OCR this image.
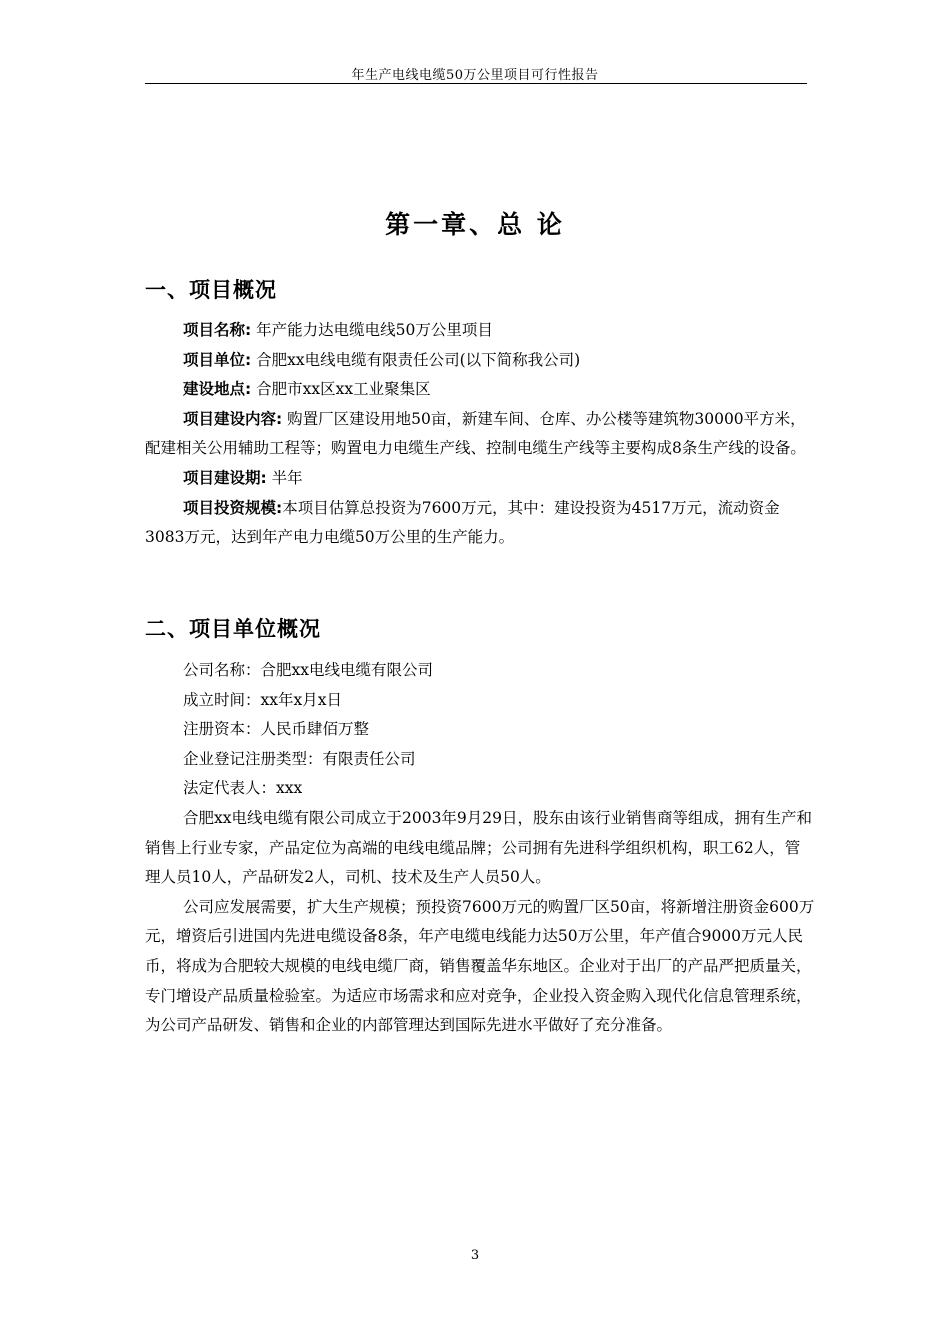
年生产电线电缆50万公里项目可行性报告
第一章、总 论
一、项目概况

项目名称: 年产能力达电缆电线50万公里项目

项目单位: 合肥xx电线电缆有限责任公司(以下简称我公司)

建设地点: 合肥市xx区xx工业聚集区

项目建设内容: 购置厂区建设用地50亩，新建车间、仓库、办公楼等建筑物30000平方米，配建相关公用辅助工程等；购置电力电缆生产线、控制电缆生产线等主要构成8条生产线的设备。

项目建设期: 半年

项目投资规模:本项目估算总投资为7600万元，其中：建设投资为4517万元，流动资金3083万元，达到年产电力电缆50万公里的生产能力。

二、项目单位概况

公司名称：合肥xx电线电缆有限公司

成立时间：xx年x月x日

注册资本：人民币肆佰万整

企业登记注册类型：有限责任公司

法定代表人：xxx

合肥xx电线电缆有限公司成立于2003年9月29日，股东由该行业销售商等组成，拥有生产和销售上行业专家，产品定位为高端的电线电缆品牌；公司拥有先进科学组织机构，职工62人，管理人员10人，产品研发2人，司机、技术及生产人员50人。

公司应发展需要，扩大生产规模；预投资7600万元的购置厂区50亩，将新增注册资金600万元，增资后引进国内先进电缆设备8条，年产电缆电线能力达50万公里，年产值合9000万元人民币，将成为合肥较大规模的电线电缆厂商，销售覆盖华东地区。企业对于出厂的产品严把质量关，专门增设产品质量检验室。为适应市场需求和应对竞争，企业投入资金购入现代化信息管理系统，为公司产品研发、销售和企业的内部管理达到国际先进水平做好了充分准备。

3
